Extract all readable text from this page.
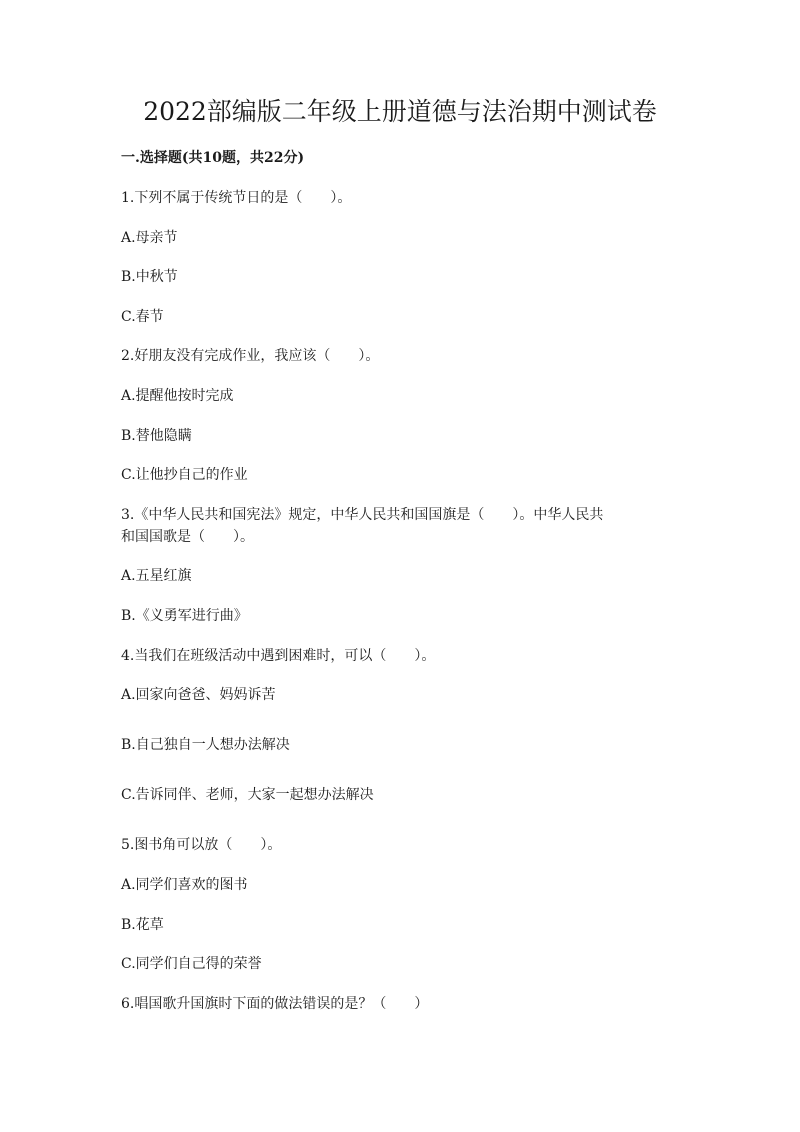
2022部编版二年级上册道德与法治期中测试卷
一.选择题(共10题，共22分)
1.下列不属于传统节日的是（　　）。
A.母亲节
B.中秋节
C.春节
2.好朋友没有完成作业，我应该（　　）。
A.提醒他按时完成
B.替他隐瞒
C.让他抄自己的作业
3.《中华人民共和国宪法》规定，中华人民共和国国旗是（　　）。中华人民共
和国国歌是（　　）。
A.五星红旗
B.《义勇军进行曲》
4.当我们在班级活动中遇到困难时，可以（　　）。
A.回家向爸爸、妈妈诉苦
B.自己独自一人想办法解决
C.告诉同伴、老师，大家一起想办法解决
5.图书角可以放（　　）。
A.同学们喜欢的图书
B.花草
C.同学们自己得的荣誉
6.唱国歌升国旗时下面的做法错误的是？（　　）
